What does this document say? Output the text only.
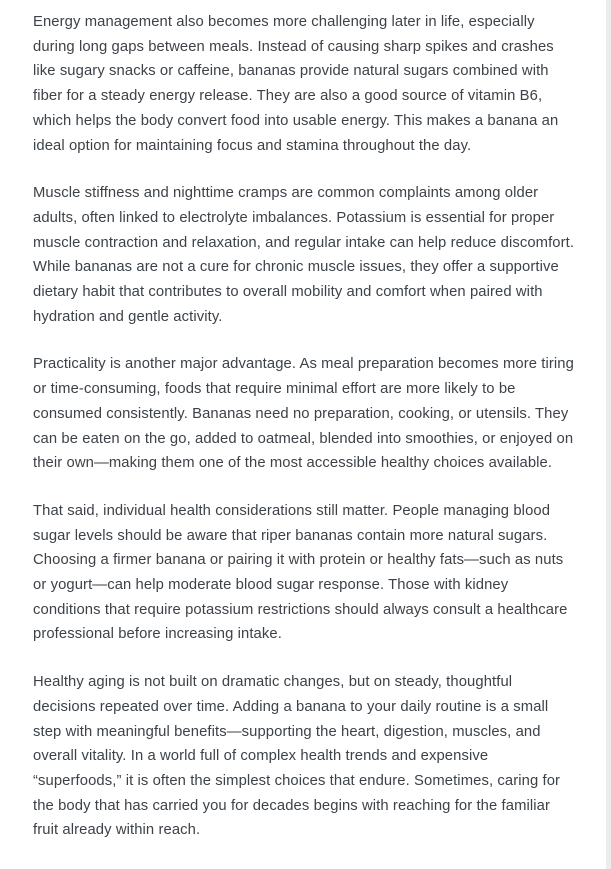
Energy management also becomes more challenging later in life, especially during long gaps between meals. Instead of causing sharp spikes and crashes like sugary snacks or caffeine, bananas provide natural sugars combined with fiber for a steady energy release. They are also a good source of vitamin B6, which helps the body convert food into usable energy. This makes a banana an ideal option for maintaining focus and stamina throughout the day.

Muscle stiffness and nighttime cramps are common complaints among older adults, often linked to electrolyte imbalances. Potassium is essential for proper muscle contraction and relaxation, and regular intake can help reduce discomfort. While bananas are not a cure for chronic muscle issues, they offer a supportive dietary habit that contributes to overall mobility and comfort when paired with hydration and gentle activity.

Practicality is another major advantage. As meal preparation becomes more tiring or time-consuming, foods that require minimal effort are more likely to be consumed consistently. Bananas need no preparation, cooking, or utensils. They can be eaten on the go, added to oatmeal, blended into smoothies, or enjoyed on their own—making them one of the most accessible healthy choices available.

That said, individual health considerations still matter. People managing blood sugar levels should be aware that riper bananas contain more natural sugars. Choosing a firmer banana or pairing it with protein or healthy fats—such as nuts or yogurt—can help moderate blood sugar response. Those with kidney conditions that require potassium restrictions should always consult a healthcare professional before increasing intake.

Healthy aging is not built on dramatic changes, but on steady, thoughtful decisions repeated over time. Adding a banana to your daily routine is a small step with meaningful benefits—supporting the heart, digestion, muscles, and overall vitality. In a world full of complex health trends and expensive “superfoods,” it is often the simplest choices that endure. Sometimes, caring for the body that has carried you for decades begins with reaching for the familiar fruit already within reach.
